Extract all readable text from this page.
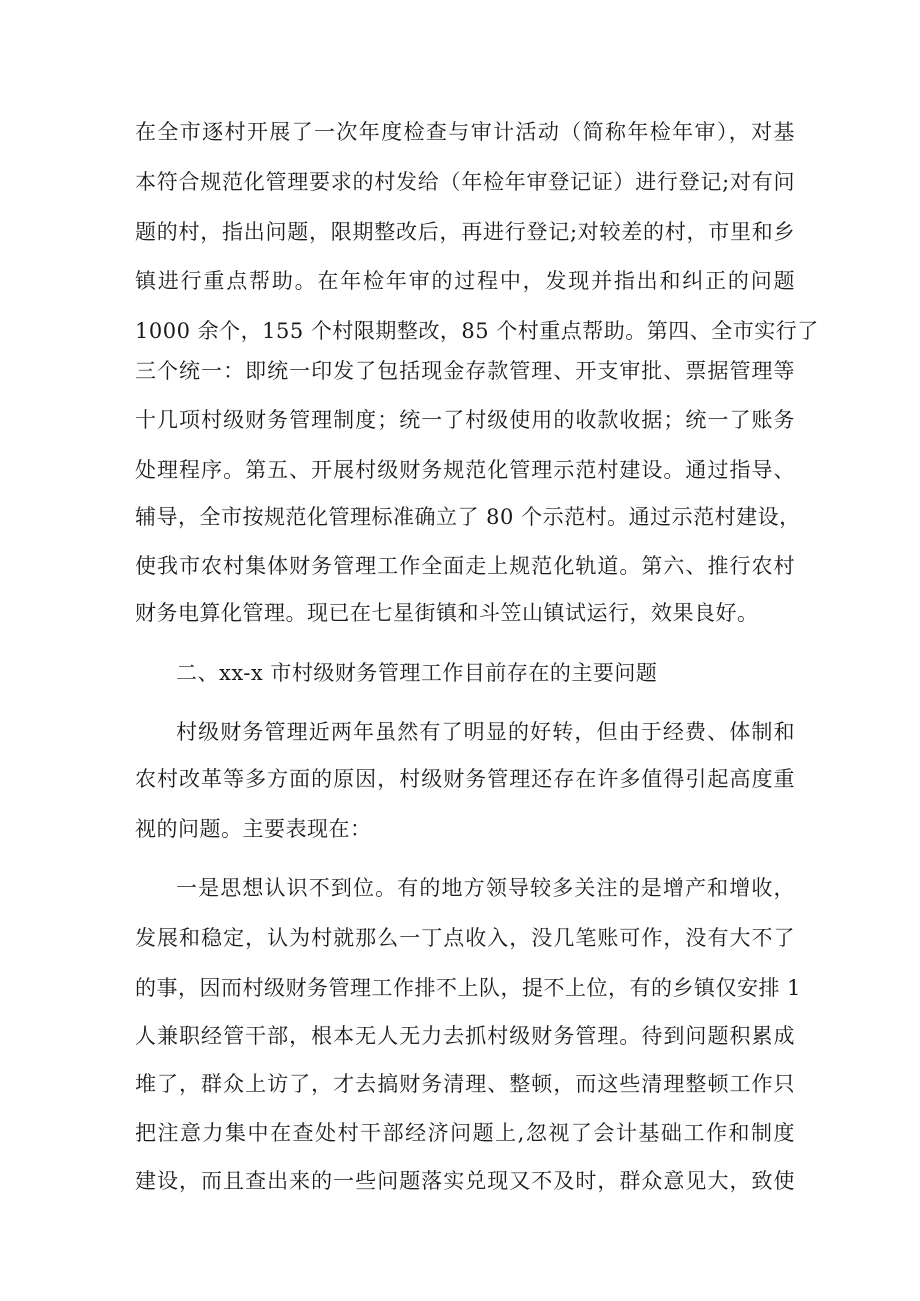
在全市逐村开展了一次年度检查与审计活动（简称年检年审），对基
本符合规范化管理要求的村发给（年检年审登记证）进行登记;对有问
题的村，指出问题，限期整改后，再进行登记;对较差的村，市里和乡
镇进行重点帮助。在年检年审的过程中，发现并指出和纠正的问题
1000 余个，155 个村限期整改，85 个村重点帮助。第四、全市实行了
三个统一：即统一印发了包括现金存款管理、开支审批、票据管理等
十几项村级财务管理制度；统一了村级使用的收款收据；统一了账务
处理程序。第五、开展村级财务规范化管理示范村建设。通过指导、
辅导，全市按规范化管理标准确立了 80 个示范村。通过示范村建设，
使我市农村集体财务管理工作全面走上规范化轨道。第六、推行农村
财务电算化管理。现已在七星街镇和斗笠山镇试运行，效果良好。
二、xx-x 市村级财务管理工作目前存在的主要问题
村级财务管理近两年虽然有了明显的好转，但由于经费、体制和
农村改革等多方面的原因，村级财务管理还存在许多值得引起高度重
视的问题。主要表现在：
一是思想认识不到位。有的地方领导较多关注的是增产和增收，
发展和稳定，认为村就那么一丁点收入，没几笔账可作，没有大不了
的事，因而村级财务管理工作排不上队，提不上位，有的乡镇仅安排 1
人兼职经管干部，根本无人无力去抓村级财务管理。待到问题积累成
堆了，群众上访了，才去搞财务清理、整顿，而这些清理整顿工作只
把注意力集中在查处村干部经济问题上,忽视了会计基础工作和制度
建设，而且查出来的一些问题落实兑现又不及时，群众意见大，致使
